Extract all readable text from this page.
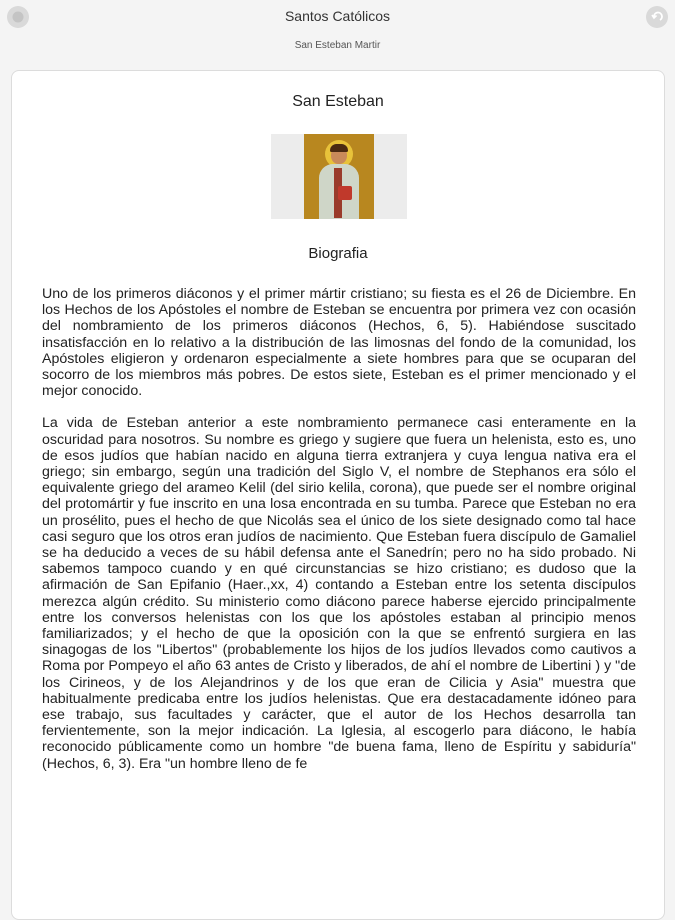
Santos Católicos
San Esteban Martir
San Esteban
Biografia

Uno de los primeros diáconos y el primer mártir cristiano; su fiesta es el 26 de Diciembre. En los Hechos de los Apóstoles el nombre de Esteban se encuentra por primera vez con ocasión del nombramiento de los primeros diáconos (Hechos, 6, 5). Habiéndose suscitado insatisfacción en lo relativo a la distribución de las limosnas del fondo de la comunidad, los Apóstoles eligieron y ordenaron especialmente a siete hombres para que se ocuparan del socorro de los miembros más pobres. De estos siete, Esteban es el primer mencionado y el mejor conocido.

La vida de Esteban anterior a este nombramiento permanece casi enteramente en la oscuridad para nosotros. Su nombre es griego y sugiere que fuera un helenista, esto es, uno de esos judíos que habían nacido en alguna tierra extranjera y cuya lengua nativa era el griego; sin embargo, según una tradición del Siglo V, el nombre de Stephanos era sólo el equivalente griego del arameo Kelil (del sirio kelila, corona), que puede ser el nombre original del protomártir y fue inscrito en una losa encontrada en su tumba. Parece que Esteban no era un prosélito, pues el hecho de que Nicolás sea el único de los siete designado como tal hace casi seguro que los otros eran judíos de nacimiento. Que Esteban fuera discípulo de Gamaliel se ha deducido a veces de su hábil defensa ante el Sanedrín; pero no ha sido probado. Ni sabemos tampoco cuando y en qué circunstancias se hizo cristiano; es dudoso que la afirmación de San Epifanio (Haer.,xx, 4) contando a Esteban entre los setenta discípulos merezca algún crédito. Su ministerio como diácono parece haberse ejercido principalmente entre los conversos helenistas con los que los apóstoles estaban al principio menos familiarizados; y el hecho de que la oposición con la que se enfrentó surgiera en las sinagogas de los "Libertos" (probablemente los hijos de los judíos llevados como cautivos a Roma por Pompeyo el año 63 antes de Cristo y liberados, de ahí el nombre de Libertini ) y "de los Cirineos, y de los Alejandrinos y de los que eran de Cilicia y Asia" muestra que habitualmente predicaba entre los judíos helenistas. Que era destacadamente idóneo para ese trabajo, sus facultades y carácter, que el autor de los Hechos desarrolla tan fervientemente, son la mejor indicación. La Iglesia, al escogerlo para diácono, le había reconocido públicamente como un hombre "de buena fama, lleno de Espíritu y sabiduría"(Hechos, 6, 3). Era "un hombre lleno de fe
